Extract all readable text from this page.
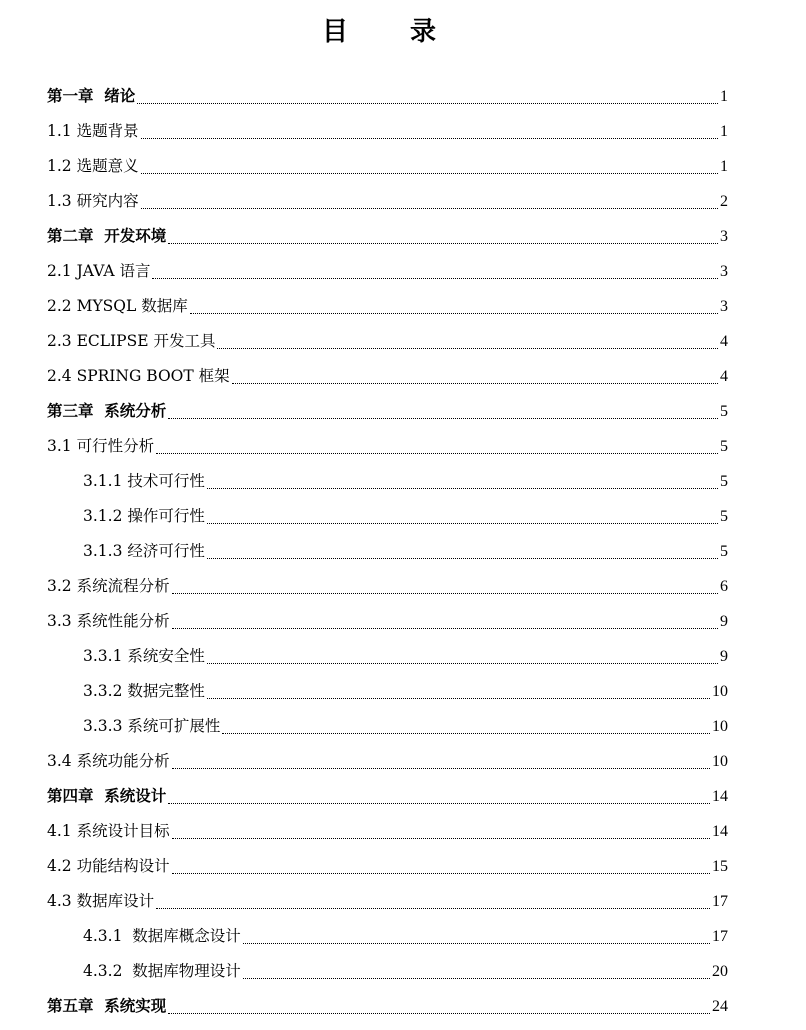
目　录
第一章  绪论	1
1.1 选题背景	1
1.2 选题意义	1
1.3 研究内容	2
第二章  开发环境	3
2.1 JAVA 语言	3
2.2 MYSQL 数据库	3
2.3 ECLIPSE 开发工具	4
2.4 SPRING BOOT 框架	4
第三章  系统分析	5
3.1 可行性分析	5
3.1.1 技术可行性	5
3.1.2 操作可行性	5
3.1.3 经济可行性	5
3.2 系统流程分析	6
3.3 系统性能分析	9
3.3.1 系统安全性	9
3.3.2 数据完整性	10
3.3.3 系统可扩展性	10
3.4 系统功能分析	10
第四章  系统设计	14
4.1 系统设计目标	14
4.2 功能结构设计	15
4.3 数据库设计	17
4.3.1  数据库概念设计	17
4.3.2  数据库物理设计	20
第五章  系统实现	24
